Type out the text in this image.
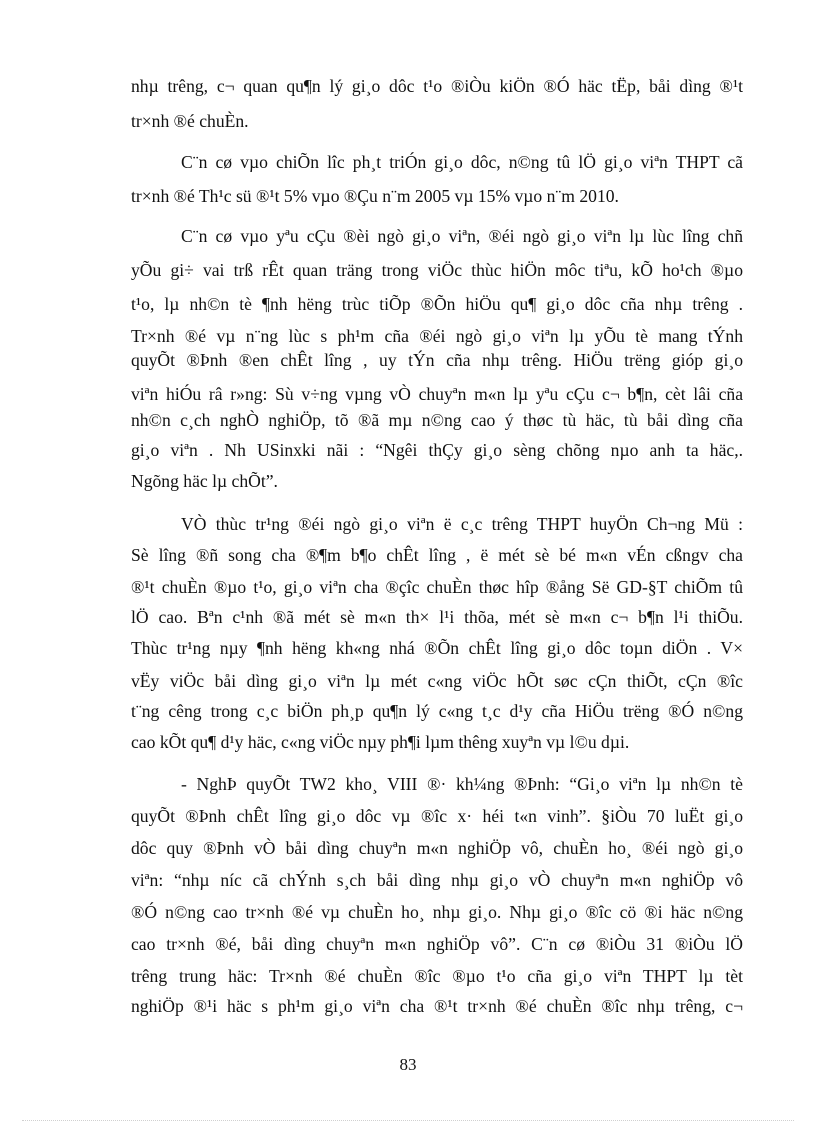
nhµ trêng, c¬ quan qu¶n lý gi¸o dôc t¹o ®iÒu kiÖn ®Ó häc tËp, båi dìng ®¹t
tr×nh ®é chuÈn.
C¨n cø vµo chiÕn lîc ph¸t triÓn gi¸o dôc, n©ng tû lÖ gi¸o viªn THPT cã
tr×nh ®é Th¹c sü ®¹t 5% vµo ®Çu n¨m 2005 vµ 15% vµo n¨m 2010.
C¨n cø vµo yªu cÇu ®èi ngò gi¸o viªn, ®éi ngò gi¸o viªn lµ lùc lîng chñ
yÕu gi÷ vai trß rÊt quan träng trong viÖc thùc hiÖn môc tiªu, kÕ ho¹ch ®µo
t¹o, lµ nh©n tè ¶nh hëng trùc tiÕp ®Õn hiÖu qu¶ gi¸o dôc cña nhµ trêng .
Tr×nh ®é vµ n¨ng lùc s ph¹m cña ®éi ngò gi¸o viªn lµ yÕu tè mang tÝnh
quyÕt ®Þnh ®en chÊt lîng , uy tÝn cña nhµ trêng. HiÖu trëng gióp gi¸o
viªn hiÓu râ r»ng: Sù v÷ng vµng vÒ chuyªn m«n lµ yªu cÇu c¬ b¶n, cèt lâi cña
nh©n c¸ch nghÒ nghiÖp, tõ ®ã mµ n©ng cao ý thøc tù häc, tù båi dìng cña
gi¸o viªn . Nh USinxki nãi : “Ngêi thÇy gi¸o sèng chõng nµo anh ta häc,.
Ngõng häc lµ chÕt”.
VÒ thùc tr¹ng ®éi ngò gi¸o viªn ë c¸c trêng THPT huyÖn Ch¬ng Mü :
Sè lîng ®ñ song cha ®¶m b¶o chÊt lîng , ë mét sè bé m«n vÉn cßngv cha
®¹t chuÈn ®µo t¹o, gi¸o viªn cha ®çîc chuÈn thøc hîp ®ång Së GD-§T chiÕm tû
lÖ cao. Bªn c¹nh ®ã mét sè m«n th× l¹i thõa, mét sè m«n c¬ b¶n l¹i thiÕu.
Thùc tr¹ng nµy ¶nh hëng kh«ng nhá ®Õn chÊt lîng gi¸o dôc toµn diÖn . V×
vËy viÖc båi dìng gi¸o viªn lµ mét c«ng viÖc hÕt søc cÇn thiÕt, cÇn ®îc
t¨ng cêng trong c¸c biÖn ph¸p qu¶n lý c«ng t¸c d¹y cña HiÖu trëng ®Ó n©ng
cao kÕt qu¶ d¹y häc, c«ng viÖc nµy ph¶i lµm thêng xuyªn vµ l©u dµi.
- NghÞ quyÕt TW2 kho¸ VIII ®· kh¼ng ®Þnh: “Gi¸o viªn lµ nh©n tè
quyÕt ®Þnh chÊt lîng gi¸o dôc vµ ®îc x· héi t«n vinh”. §iÒu 70 luËt gi¸o
dôc quy ®Þnh vÒ båi dìng chuyªn m«n nghiÖp vô, chuÈn ho¸ ®éi ngò gi¸o
viªn: “nhµ níc cã chÝnh s¸ch båi dìng nhµ gi¸o vÒ chuyªn m«n nghiÖp vô
®Ó n©ng cao tr×nh ®é vµ chuÈn ho¸ nhµ gi¸o. Nhµ gi¸o ®îc cö ®i häc n©ng
cao tr×nh ®é, båi dìng chuyªn m«n nghiÖp vô”. C¨n cø ®iÒu 31 ®iÒu lÖ
trêng trung häc: Tr×nh ®é chuÈn ®îc ®µo t¹o cña gi¸o viªn THPT lµ tèt
nghiÖp ®¹i häc s ph¹m gi¸o viªn cha ®¹t tr×nh ®é chuÈn ®îc nhµ trêng, c¬
83
